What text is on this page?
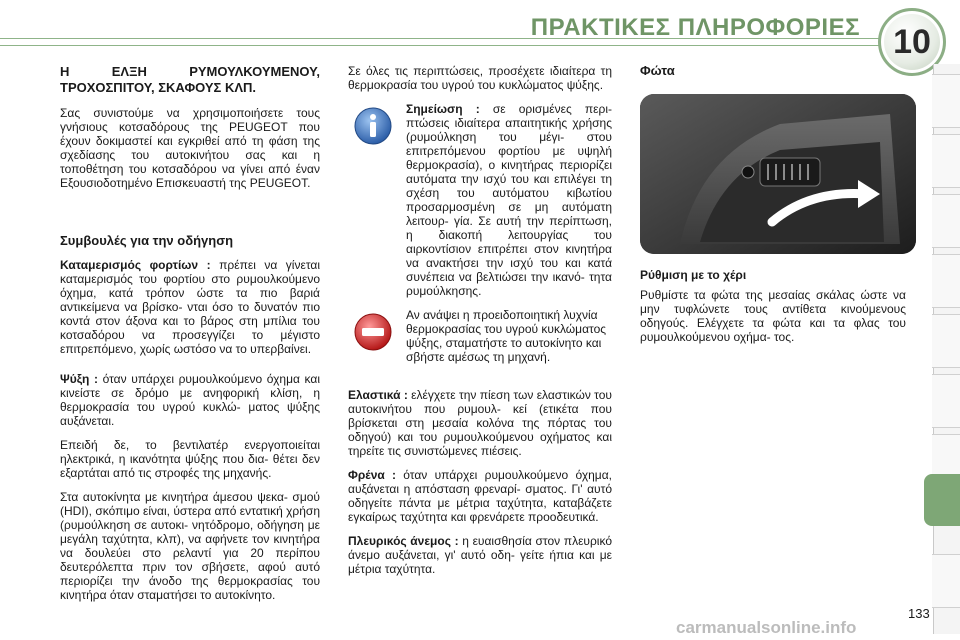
ΠΡΑΚΤΙΚΕΣ ΠΛΗΡΟΦΟΡΙΕΣ 10
Η ΕΛΞΗ ΡΥΜΟΥΛΚΟΥΜΕΝΟΥ, ΤΡΟΧΟΣΠΙΤΟΥ, ΣΚΑΦΟΥΣ ΚΛΠ.

Σας συνιστούμε να χρησιμοποιήσετε τους γνήσιους κοτσαδόρους της PEUGEOT που έχουν δοκιμαστεί και εγκριθεί από τη φάση της σχεδίασης του αυτοκινήτου σας και η τοποθέτηση του κοτσαδόρου να γίνει από έναν Εξουσιοδοτημένο Επισκευαστή της PEUGEOT.

Συμβουλές για την οδήγηση

Καταμερισμός φορτίων : πρέπει να γίνεται καταμερισμός του φορτίου στο ρυμουλκούμενο όχημα, κατά τρόπον ώστε τα πιο βαριά αντικείμενα να βρίσκο- νται όσο το δυνατόν πιο κοντά στον άξονα και το βάρος στη μπίλια του κοτσαδόρου να προσεγγίζει το μέγιστο επιτρεπόμενο, χωρίς ωστόσο να το υπερβαίνει.

Ψύξη : όταν υπάρχει ρυμουλκούμενο όχημα και κινείστε σε δρόμο με ανηφορική κλίση, η θερμοκρασία του υγρού κυκλώ- ματος ψύξης αυξάνεται.

Επειδή δε, το βεντιλατέρ ενεργοποιείται ηλεκτρικά, η ικανότητα ψύξης που δια- θέτει δεν εξαρτάται από τις στροφές της μηχανής.

Στα αυτοκίνητα με κινητήρα άμεσου ψεκα- σμού (HDI), σκόπιμο είναι, ύστερα από εντατική χρήση (ρυμούλκηση σε αυτοκι- νητόδρομο, οδήγηση με μεγάλη ταχύτητα, κλπ), να αφήνετε τον κινητήρα να δουλεύει στο ρελαντί για 20 περίπου δευτερόλεπτα πριν τον σβήσετε, αφού αυτό περιορίζει την άνοδο της θερμοκρασίας του κινητήρα όταν σταματήσει το αυτοκίνητο.

Σε όλες τις περιπτώσεις, προσέχετε ιδιαίτερα τη θερμοκρασία του υγρού του κυκλώματος ψύξης.

Σημείωση : σε ορισμένες περι- πτώσεις ιδιαίτερα απαιτητικής χρήσης (ρυμούλκηση του μέγι- στου επιτρεπόμενου φορτίου με υψηλή θερμοκρασία), ο κινητήρας περιορίζει αυτόματα την ισχύ του και επιλέγει τη σχέση του αυτόματου κιβωτίου προσαρμοσμένη σε μη αυτόματη λειτουρ- γία. Σε αυτή την περίπτωση, η διακοπή λειτουργίας του αιρκοντίσιον επιτρέπει στον κινητήρα να ανακτήσει την ισχύ του και κατά συνέπεια να βελτιώσει την ικανό- τητα ρυμούλκησης.
Αν ανάψει η προειδοποιητική λυχνία θερμοκρασίας του υγρού κυκλώματος ψύξης, σταματήστε το αυτοκίνητο και σβήστε αμέσως τη μηχανή.

Ελαστικά : ελέγχετε την πίεση των ελαστικών του αυτοκινήτου που ρυμουλ- κεί (ετικέτα που βρίσκεται στη μεσαία κολόνα της πόρτας του οδηγού) και του ρυμουλκούμενου οχήματος και τηρείτε τις συνιστώμενες πιέσεις.

Φρένα : όταν υπάρχει ρυμουλκούμενο όχημα, αυξάνεται η απόσταση φρεναρί- σματος. Γι' αυτό οδηγείτε πάντα με μέτρια ταχύτητα, καταβάζετε εγκαίρως ταχύτητα και φρενάρετε προοδευτικά.

Πλευρικός άνεμος : η ευαισθησία στον πλευρικό άνεμο αυξάνεται, γι' αυτό οδη- γείτε ήπια και με μέτρια ταχύτητα.

Φώτα
Ρύθμιση με το χέρι

Ρυθμίστε τα φώτα της μεσαίας σκάλας ώστε να μην τυφλώνετε τους αντίθετα κινούμενους οδηγούς. Ελέγχετε τα φώτα και τα φλας του ρυμουλκούμενου οχήμα- τος.

133
carmanualsonline.info
